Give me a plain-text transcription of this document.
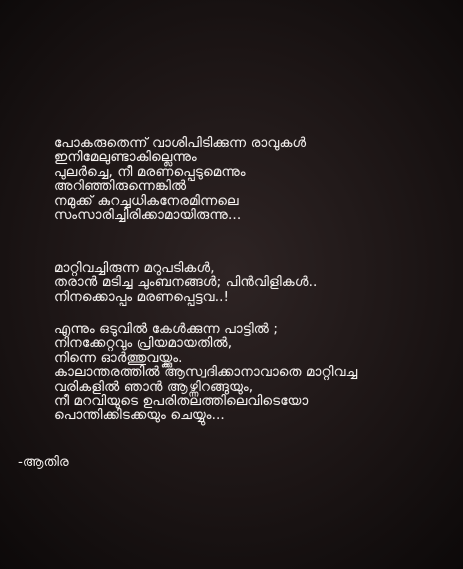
പോകരുതെന്ന് വാശിപിടിക്കുന്ന രാവുകൾ
ഇനിമേലുണ്ടാകില്ലെന്നും
പുലർച്ചെ, നീ മരണപ്പെടുമെന്നും
അറിഞ്ഞിരുന്നെങ്കിൽ
നമുക്ക് കുറച്ചധികനേരമിന്നലെ
സംസാരിച്ചിരിക്കാമായിരുന്നു...
മാറ്റിവച്ചിരുന്ന മറുപടികൾ,
തരാൻ മടിച്ച ചുംബനങ്ങൾ; പിൻവിളികൾ..
നിനക്കൊപ്പം മരണപ്പെട്ടവ..!
എന്നും ഒടുവിൽ കേൾക്കുന്ന പാട്ടിൽ ;
നിനക്കേറ്റവും പ്രിയമായതിൽ,
നിന്നെ ഓർത്തുവയ്ക്കും.
കാലാന്തരത്തിൽ ആസ്വദിക്കാനാവാതെ മാറ്റിവച്ച
വരികളിൽ ഞാൻ ആഴ്ന്നിറങ്ങുയും,
നീ മറവിയുടെ ഉപരിതലത്തിലെവിടെയോ
പൊന്തിക്കിടക്കയും ചെയ്യും...
-ആതിര
